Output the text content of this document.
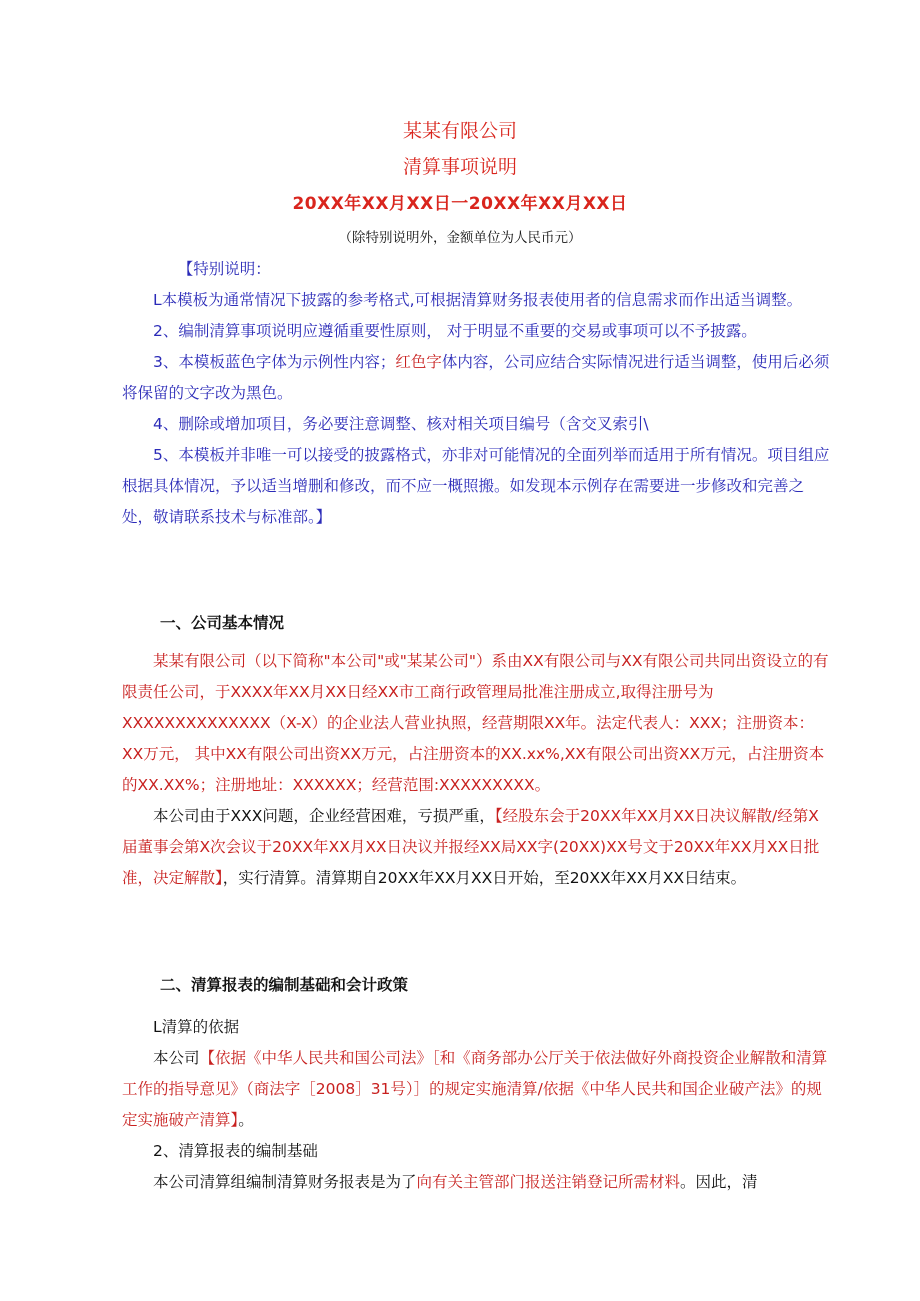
某某有限公司
清算事项说明
20XX年XX月XX日一20XX年XX月XX日
（除特别说明外，金额单位为人民币元）

【特别说明：

L本模板为通常情况下披露的参考格式,可根据清算财务报表使用者的信息需求而作出适当调整。

2、编制清算事项说明应遵循重要性原则， 对于明显不重要的交易或事项可以不予披露。

3、本模板蓝色字体为示例性内容；红色字体内容，公司应结合实际情况进行适当调整，使用后必须将保留的文字改为黑色。

4、删除或增加项目，务必要注意调整、核对相关项目编号（含交叉索引\

5、本模板并非唯一可以接受的披露格式，亦非对可能情况的全面列举而适用于所有情况。项目组应根据具体情况，予以适当增删和修改，而不应一概照搬。如发现本示例存在需要进一步修改和完善之处，敬请联系技术与标准部。】

一、公司基本情况

某某有限公司（以下简称"本公司"或"某某公司"）系由XX有限公司与XX有限公司共同出资设立的有限责任公司，于XXXX年XX月XX日经XX市工商行政管理局批准注册成立,取得注册号为XXXXXXXXXXXXXX（X-X）的企业法人营业执照，经营期限XX年。法定代表人：XXX；注册资本：XX万元， 其中XX有限公司出资XX万元，占注册资本的XX.xx%,XX有限公司出资XX万元，占注册资本的XX.XX%；注册地址：XXXXXX；经营范围:XXXXXXXXX。

本公司由于XXX问题，企业经营困难，亏损严重，【经股东会于20XX年XX月XX日决议解散/经第X届董事会第X次会议于20XX年XX月XX日决议并报经XX局XX字(20XX)XX号文于20XX年XX月XX日批准，决定解散】，实行清算。清算期自20XX年XX月XX日开始，至20XX年XX月XX日结束。

二、清算报表的编制基础和会计政策

L清算的依据

本公司【依据《中华人民共和国公司法》［和《商务部办公厅关于依法做好外商投资企业解散和清算工作的指导意见》（商法字［2008］31号）］的规定实施清算/依据《中华人民共和国企业破产法》的规定实施破产清算】。

2、清算报表的编制基础

本公司清算组编制清算财务报表是为了向有关主管部门报送注销登记所需材料。因此，清
